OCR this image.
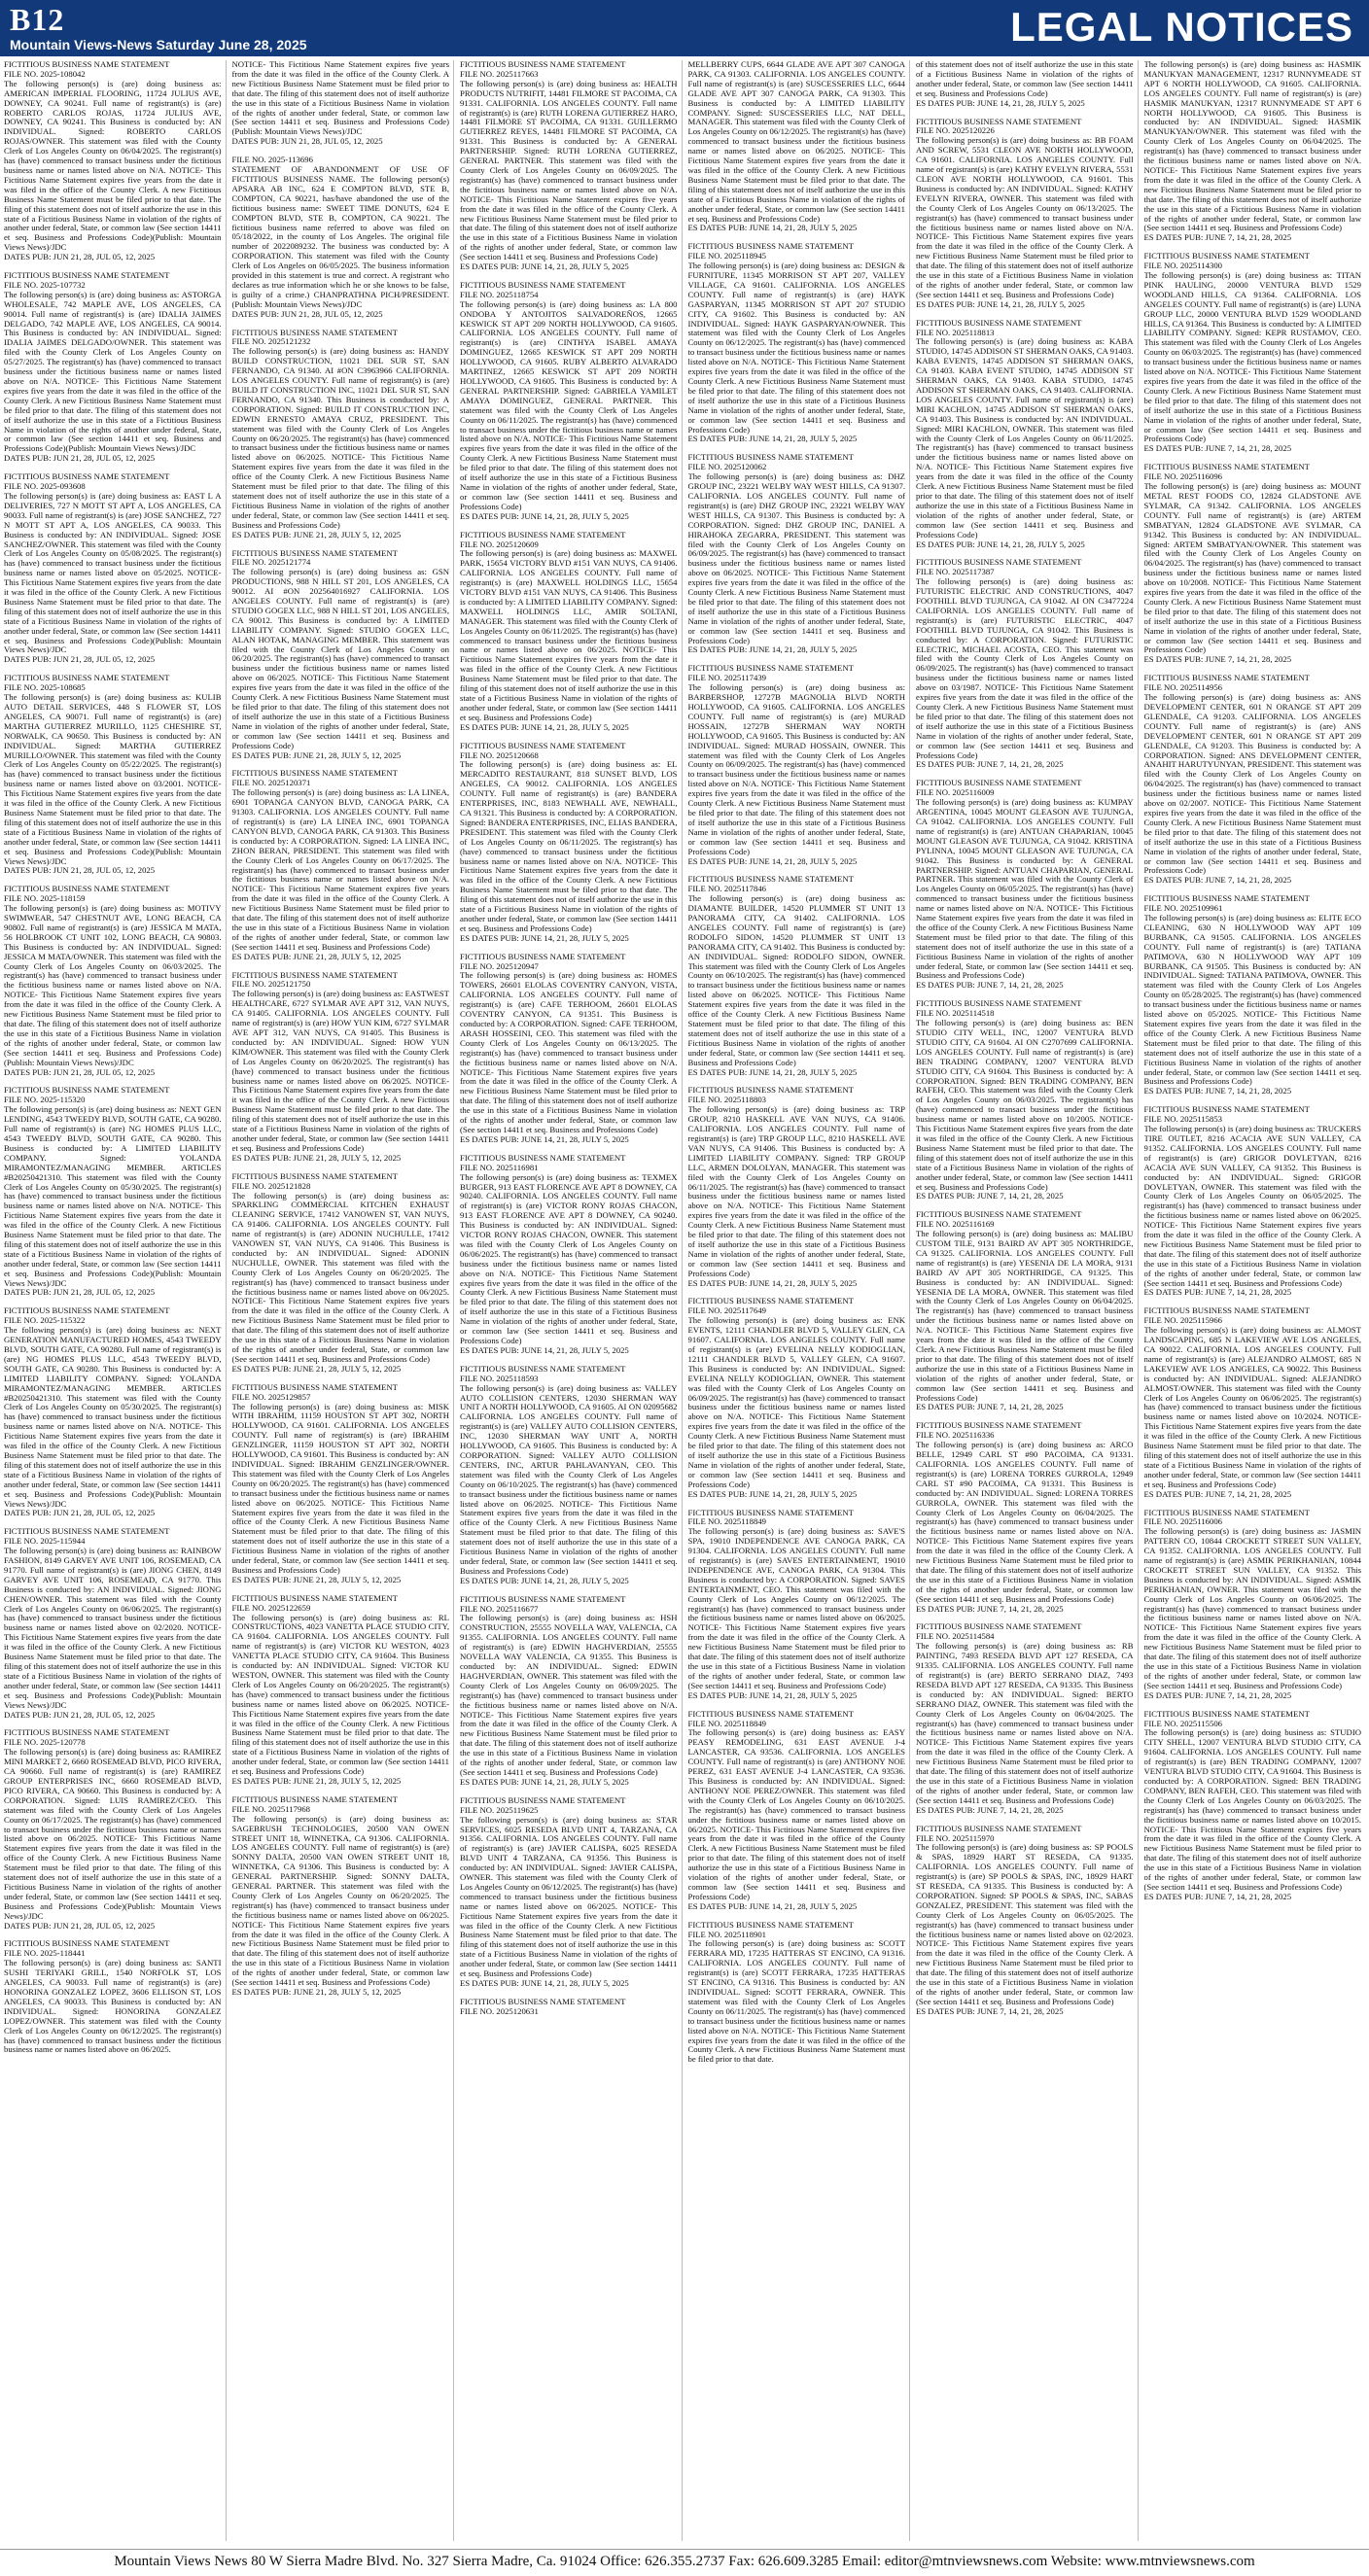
B12
Mountain Views-News Saturday June 28, 2025	LEGAL NOTICES

FICTITIOUS BUSINESS NAME STATEMENT
FILE NO. 2025-108042
The following person(s) is (are) doing business as: AMERICAN IMPERIAL FLOORING, 11724 JULIUS AVE, DOWNEY, CA 90241. Full name of registrant(s) is (are) ROBERTO CARLOS ROJAS, 11724 JULIUS AVE, DOWNEY, CA 90241. This Business is conducted by: AN INDIVIDUAL. Signed: ROBERTO CARLOS ROJAS/OWNER. This statement was filed with the County Clerk of Los Angeles County on 06/04/2025. The registrant(s) has (have) commenced to transact business under the fictitious business name or names listed above on N/A. NOTICE- This Fictitious Name Statement expires five years from the date it was filed in the office of the County Clerk. A new Fictitious Business Name Statement must be filed prior to that date. The filing of this statement does not of itself authorize the use in this state of a Fictitious Business Name in violation of the rights of another under federal, State, or common law (See section 14411 et seq. Business and Professions Code)(Publish: Mountain Views News)/JDC
DATES PUB: JUN 21, 28, JUL 05, 12, 2025

FICTITIOUS BUSINESS NAME STATEMENT
FILE NO. 2025-107732
The following person(s) is (are) doing business as: ASTORGA WHOLESALE, 742 MAPLE AVE, LOS ANGELES, CA 90014. Full name of registrant(s) is (are) IDALIA JAIMES DELGADO, 742 MAPLE AVE, LOS ANGELES, CA 90014. This Business is conducted by: AN INDIVIDUAL. Signed: IDALIA JAIMES DELGADO/OWNER. This statement was filed with the County Clerk of Los Angeles County on 05/27/2025. The registrant(s) has (have) commenced to transact business under the fictitious business name or names listed above on N/A. NOTICE- This Fictitious Name Statement expires five years from the date it was filed in the office of the County Clerk. A new Fictitious Business Name Statement must be filed prior to that date. The filing of this statement does not of itself authorize the use in this state of a Fictitious Business Name in violation of the rights of another under federal, State, or common law (See section 14411 et seq. Business and Professions Code)(Publish: Mountain Views News)/JDC
DATES PUB: JUN 21, 28, JUL 05, 12, 2025

FICTITIOUS BUSINESS NAME STATEMENT
FILE NO. 2025-093608
The following person(s) is (are) doing business as: EAST L A DELIVERIES, 727 N MOTT ST APT A, LOS ANGELES, CA 90033. Full name of registrant(s) is (are) JOSE SANCHEZ, 727 N MOTT ST APT A, LOS ANGELES, CA 90033. This Business is conducted by: AN INDIVIDUAL. Signed: JOSE SANCHEZ/OWNER. This statement was filed with the County Clerk of Los Angeles County on 05/08/2025. The registrant(s) has (have) commenced to transact business under the fictitious business name or names listed above on 05/2025. NOTICE- This Fictitious Name Statement expires five years from the date it was filed in the office of the County Clerk. A new Fictitious Business Name Statement must be filed prior to that date. The filing of this statement does not of itself authorize the use in this state of a Fictitious Business Name in violation of the rights of another under federal, State, or common law (See section 14411 et seq. Business and Professions Code)(Publish: Mountain Views News)/JDC
DATES PUB: JUN 21, 28, JUL 05, 12, 2025

FICTITIOUS BUSINESS NAME STATEMENT
FILE NO. 2025-108685
The following person(s) is (are) doing business as: KULIB AUTO DETAIL SERVICES, 448 S FLOWER ST, LOS ANGELES, CA 90071. Full name of registrant(s) is (are) MARTHA GUTIERREZ MURILLO, 1125 CHESHIRE ST, NORWALK, CA 90650. This Business is conducted by: AN INDIVIDUAL. Signed: MARTHA GUTIERREZ MURILLO/OWNER. This statement was filed with the County Clerk of Los Angeles County on 05/22/2025. The registrant(s) has (have) commenced to transact business under the fictitious business name or names listed above on 03/2001. NOTICE- This Fictitious Name Statement expires five years from the date it was filed in the office of the County Clerk. A new Fictitious Business Name Statement must be filed prior to that date. The filing of this statement does not of itself authorize the use in this state of a Fictitious Business Name in violation of the rights of another under federal, State, or common law (See section 14411 et seq. Business and Professions Code)(Publish: Mountain Views News)/JDC
DATES PUB: JUN 21, 28, JUL 05, 12, 2025

FICTITIOUS BUSINESS NAME STATEMENT
FILE NO. 2025-118159
The following person(s) is (are) doing business as: MOTIVY SWIMWEAR, 547 CHESTNUT AVE, LONG BEACH, CA 90802. Full name of registrant(s) is (are) JESSICA M MATA, 56 HOLBROOK CT UNIT 102, LONG BEACH, CA 90803. This Business is conducted by: AN INDIVIDUAL. Signed: JESSICA M MATA/OWNER. This statement was filed with the County Clerk of Los Angeles County on 06/03/2025. The registrant(s) has (have) commenced to transact business under the fictitious business name or names listed above on N/A. NOTICE- This Fictitious Name Statement expires five years from the date it was filed in the office of the County Clerk. A new Fictitious Business Name Statement must be filed prior to that date. The filing of this statement does not of itself authorize the use in this state of a Fictitious Business Name in violation of the rights of another under federal, State, or common law (See section 14411 et seq. Business and Professions Code)(Publish: Mountain Views News)/JDC
DATES PUB: JUN 21, 28, JUL 05, 12, 2025

FICTITIOUS BUSINESS NAME STATEMENT
FILE NO. 2025-115320
The following person(s) is (are) doing business as: NEXT GEN LENDING, 4543 TWEEDY BLVD, SOUTH GATE, CA 90280. Full name of registrant(s) is (are) NG HOMES PLUS LLC, 4543 TWEEDY BLVD, SOUTH GATE, CA 90280. This Business is conducted by: A LIMITED LIABILITY COMPANY. Signed: YOLANDA MIRAMONTEZ/MANAGING MEMBER. ARTICLES #B20250421310. This statement was filed with the County Clerk of Los Angeles County on 05/30/2025. The registrant(s) has (have) commenced to transact business under the fictitious business name or names listed above on N/A. NOTICE- This Fictitious Name Statement expires five years from the date it was filed in the office of the County Clerk. A new Fictitious Business Name Statement must be filed prior to that date. The filing of this statement does not of itself authorize the use in this state of a Fictitious Business Name in violation of the rights of another under federal, State, or common law (See section 14411 et seq. Business and Professions Code)(Publish: Mountain Views News)/JDC
DATES PUB: JUN 21, 28, JUL 05, 12, 2025

FICTITIOUS BUSINESS NAME STATEMENT
FILE NO. 2025-115322
The following person(s) is (are) doing business as: NEXT GENERATION MANUFACTURED HOMES, 4543 TWEEDY BLVD, SOUTH GATE, CA 90280. Full name of registrant(s) is (are) NG HOMES PLUS LLC, 4543 TWEEDY BLVD, SOUTH GATE, CA 90280. This Business is conducted by: A LIMITED LIABILITY COMPANY. Signed: YOLANDA MIRAMONTEZ/MANAGING MEMBER. ARTICLES #B20250421310. This statement was filed with the County Clerk of Los Angeles County on 05/30/2025. The registrant(s) has (have) commenced to transact business under the fictitious business name or names listed above on N/A. NOTICE- This Fictitious Name Statement expires five years from the date it was filed in the office of the County Clerk. A new Fictitious Business Name Statement must be filed prior to that date. The filing of this statement does not of itself authorize the use in this state of a Fictitious Business Name in violation of the rights of another under federal, State, or common law (See section 14411 et seq. Business and Professions Code)(Publish: Mountain Views News)/JDC
DATES PUB: JUN 21, 28, JUL 05, 12, 2025

FICTITIOUS BUSINESS NAME STATEMENT
FILE NO. 2025-115944
The following person(s) is (are) doing business as: RAINBOW FASHION, 8149 GARVEY AVE UNIT 106, ROSEMEAD, CA 91770. Full name of registrant(s) is (are) JIONG CHEN, 8149 GARVEY AVE UNIT 106, ROSEMEAD, CA 91770. This Business is conducted by: AN INDIVIDUAL. Signed: JIONG CHEN/OWNER. This statement was filed with the County Clerk of Los Angeles County on 06/06/2025. The registrant(s) has (have) commenced to transact business under the fictitious business name or names listed above on 02/2020. NOTICE- This Fictitious Name Statement expires five years from the date it was filed in the office of the County Clerk. A new Fictitious Business Name Statement must be filed prior to that date. The filing of this statement does not of itself authorize the use in this state of a Fictitious Business Name in violation of the rights of another under federal, State, or common law (See section 14411 et seq. Business and Professions Code)(Publish: Mountain Views News)/JDC
DATES PUB: JUN 21, 28, JUL 05, 12, 2025

FICTITIOUS BUSINESS NAME STATEMENT
FILE NO. 2025-120778
The following person(s) is (are) doing business as: RAMIREZ MINI MARKET 2, 6660 ROSEMEAD BLVD, PICO RIVERA, CA 90660. Full name of registrant(s) is (are) RAMIREZ GROUP ENTERPRISES INC, 6660 ROSEMEAD BLVD, PICO RIVERA, CA 90660. This Business is conducted by: A CORPORATION. Signed: LUIS RAMIREZ/CEO. This statement was filed with the County Clerk of Los Angeles County on 06/17/2025. The registrant(s) has (have) commenced to transact business under the fictitious business name or names listed above on 06/2025. NOTICE- This Fictitious Name Statement expires five years from the date it was filed in the office of the County Clerk. A new Fictitious Business Name Statement must be filed prior to that date. The filing of this statement does not of itself authorize the use in this state of a Fictitious Business Name in violation of the rights of another under federal, State, or common law (See section 14411 et seq. Business and Professions Code)(Publish: Mountain Views News)/JDC
DATES PUB: JUN 21, 28, JUL 05, 12, 2025

FICTITIOUS BUSINESS NAME STATEMENT
FILE NO. 2025-118441
The following person(s) is (are) doing business as: SANTI SUSHI TERIYAKI GRILL, 1540 NORFOLK ST, LOS ANGELES, CA 90033. Full name of registrant(s) is (are) HONORINA GONZALEZ LOPEZ, 3606 ELLISON ST, LOS ANGELES, CA 90033. This Business is conducted by: AN INDIVIDUAL. Signed: HONORINA GONZALEZ LOPEZ/OWNER. This statement was filed with the County Clerk of Los Angeles County on 06/12/2025. The registrant(s) has (have) commenced to transact business under the fictitious business name or names listed above on 06/2025.

NOTICE- This Fictitious Name Statement expires five years from the date it was filed in the office of the County Clerk. A new Fictitious Business Name Statement must be filed prior to that date. The filing of this statement does not of itself authorize the use in this state of a Fictitious Business Name in violation of the rights of another under federal, State, or common law (See section 14411 et seq. Business and Professions Code)(Publish: Mountain Views News)/JDC
DATES PUB: JUN 21, 28, JUL 05, 12, 2025

FILE NO. 2025-113696
STATEMENT OF ABANDONMENT OF USE OF FICTITIOUS BUSINESS NAME. The following person(s) APSARA AB INC, 624 E COMPTON BLVD, STE B, COMPTON, CA 90221, has/have abandoned the use of the fictitious business name: SWEET TIME DONUTS, 624 E COMPTON BLVD, STE B, COMPTON, CA 90221. The fictitious business name referred to above was filed on 05/18/2022, in the county of Los Angeles. The original file number of 2022089232. The business was conducted by: A CORPORATION. This statement was filed with the County Clerk of Los Angeles on 06/05/2025. The business information provided in this statement is true and correct. A registrant who declares as true information which he or she knows to be false, is guilty of a crime.) CHANPRATHNA PICH/PRESIDENT. (Publish: Mountain Views News)/JDC
DATES PUB: JUN 21, 28, JUL 05, 12, 2025

FICTITIOUS BUSINESS NAME STATEMENT
FILE NO. 2025121232
The following person(s) is (are) doing business as: HANDY BUILD CONSTRUCTION, 11021 DEL SUR ST, SAN FERNANDO, CA 91340. AI #ON C3963966 CALIFORNIA. LOS ANGELES COUNTY. Full name of registrant(s) is (are) BUILD IT CONSTRUCTION INC, 11021 DEL SUR ST, SAN FERNANDO, CA 91340. This Business is conducted by: A CORPORATION. Signed: BUILD IT CONSTRUCTION INC, EDWIN ERNESTO AMAYA CRUZ, PRESIDENT. This statement was filed with the County Clerk of Los Angeles County on 06/20/2025. The registrant(s) has (have) commenced to transact business under the fictitious business name or names listed above on 06/2025. NOTICE- This Fictitious Name Statement expires five years from the date it was filed in the office of the County Clerk. A new Fictitious Business Name Statement must be filed prior to that date. The filing of this statement does not of itself authorize the use in this state of a Fictitious Business Name in violation of the rights of another under federal, State, or common law (See section 14411 et seq. Business and Professions Code)
ES DATES PUB: JUNE 21, 28, JULY 5, 12, 2025

FICTITIOUS BUSINESS NAME STATEMENT
FILE NO. 2025121774
The following person(s) is (are) doing business as: GSN PRODUCTIONS, 988 N HILL ST 201, LOS ANGELES, CA 90012. AI #ON 202564016927 CALIFORNIA. LOS ANGELES COUNTY. Full name of registrant(s) is (are) STUDIO GOGEX LLC, 988 N HILL ST 201, LOS ANGELES, CA 90012. This Business is conducted by: A LIMITED LIABILITY COMPANY. Signed: STUDIO GOGEX LLC, ALAN HOTAK, MANAGING MEMBER. This statement was filed with the County Clerk of Los Angeles County on 06/20/2025. The registrant(s) has (have) commenced to transact business under the fictitious business name or names listed above on 06/2025. NOTICE- This Fictitious Name Statement expires five years from the date it was filed in the office of the County Clerk. A new Fictitious Business Name Statement must be filed prior to that date. The filing of this statement does not of itself authorize the use in this state of a Fictitious Business Name in violation of the rights of another under federal, State, or common law (See section 14411 et seq. Business and Professions Code)
ES DATES PUB: JUNE 21, 28, JULY 5, 12, 2025

FICTITIOUS BUSINESS NAME STATEMENT
FILE NO. 2025120371
The following person(s) is (are) doing business as: LA LINEA, 6901 TOPANGA CANYON BLVD, CANOGA PARK, CA 91303. CALIFORNIA. LOS ANGELES COUNTY. Full name of registrant(s) is (are) LA LINEA INC, 6901 TOPANGA CANYON BLVD, CANOGA PARK, CA 91303. This Business is conducted by: A CORPORATION. Signed: LA LINEA INC, ZHON BERAN, PRESIDENT. This statement was filed with the County Clerk of Los Angeles County on 06/17/2025. The registrant(s) has (have) commenced to transact business under the fictitious business name or names listed above on N/A. NOTICE- This Fictitious Name Statement expires five years from the date it was filed in the office of the County Clerk. A new Fictitious Business Name Statement must be filed prior to that date. The filing of this statement does not of itself authorize the use in this state of a Fictitious Business Name in violation of the rights of another under federal, State, or common law (See section 14411 et seq. Business and Professions Code)
ES DATES PUB: JUNE 21, 28, JULY 5, 12, 2025

FICTITIOUS BUSINESS NAME STATEMENT
FILE NO. 2025121750
The following person(s) is (are) doing business as: EASTWEST HEALTHCARE, 6727 SYLMAR AVE APT 312, VAN NUYS, CA 91405. CALIFORNIA. LOS ANGELES COUNTY. Full name of registrant(s) is (are) HOW YUN KIM, 6727 SYLMAR AVE APT 312, VAN NUYS, CA 91405. This Business is conducted by: AN INDIVIDUAL. Signed: HOW YUN KIM/OWNER. This statement was filed with the County Clerk of Los Angeles County on 06/20/2025. The registrant(s) has (have) commenced to transact business under the fictitious business name or names listed above on 06/2025. NOTICE- This Fictitious Name Statement expires five years from the date it was filed in the office of the County Clerk. A new Fictitious Business Name Statement must be filed prior to that date. The filing of this statement does not of itself authorize the use in this state of a Fictitious Business Name in violation of the rights of another under federal, State, or common law (See section 14411 et seq. Business and Professions Code)
ES DATES PUB: JUNE 21, 28, JULY 5, 12, 2025

FICTITIOUS BUSINESS NAME STATEMENT
FILE NO. 2025121828
The following person(s) is (are) doing business as: SPARKLING COMMERCIAL KITCHEN EXHAUST CLEANING SERVICE, 17412 VANOWEN ST, VAN NUYS, CA 91406. CALIFORNIA. LOS ANGELES COUNTY. Full name of registrant(s) is (are) ADONIN NUCHULLE, 17412 VANOWEN ST, VAN NUYS, CA 91406. This Business is conducted by: AN INDIVIDUAL. Signed: ADONIN NUCHULLE, OWNER. This statement was filed with the County Clerk of Los Angeles County on 06/20/2025. The registrant(s) has (have) commenced to transact business under the fictitious business name or names listed above on 06/2025. NOTICE- This Fictitious Name Statement expires five years from the date it was filed in the office of the County Clerk. A new Fictitious Business Name Statement must be filed prior to that date. The filing of this statement does not of itself authorize the use in this state of a Fictitious Business Name in violation of the rights of another under federal, State, or common law (See section 14411 et seq. Business and Professions Code)
ES DATES PUB: JUNE 21, 28, JULY 5, 12, 2025

FICTITIOUS BUSINESS NAME STATEMENT
FILE NO. 2025129857
The following person(s) is (are) doing business as: MISK WITH IBRAHIM, 11159 HOUSTON ST APT 302, NORTH HOLLYWOOD, CA 91601. CALIFORNIA. LOS ANGELES COUNTY. Full name of registrant(s) is (are) IBRAHIM GENZLINGER, 11159 HOUSTON ST APT 302, NORTH HOLLYWOOD, CA 91601. This Business is conducted by: AN INDIVIDUAL. Signed: IBRAHIM GENZLINGER/OWNER. This statement was filed with the County Clerk of Los Angeles County on 06/20/2025. The registrant(s) has (have) commenced to transact business under the fictitious business name or names listed above on 06/2025. NOTICE- This Fictitious Name Statement expires five years from the date it was filed in the office of the County Clerk. A new Fictitious Business Name Statement must be filed prior to that date. The filing of this statement does not of itself authorize the use in this state of a Fictitious Business Name in violation of the rights of another under federal, State, or common law (See section 14411 et seq. Business and Professions Code)
ES DATES PUB: JUNE 21, 28, JULY 5, 12, 2025

FICTITIOUS BUSINESS NAME STATEMENT
FILE NO. 2025122659
The following person(s) is (are) doing business as: RL CONSTRUCTIONS, 4023 VANETTA PLACE STUDIO CITY, CA 91604. CALIFORNIA. LOS ANGELES COUNTY. Full name of registrant(s) is (are) VICTOR KU WESTON, 4023 VANETTA PLACE STUDIO CITY, CA 91604. This Business is conducted by: AN INDIVIDUAL. Signed: VICTOR KU WESTON, OWNER. This statement was filed with the County Clerk of Los Angeles County on 06/20/2025. The registrant(s) has (have) commenced to transact business under the fictitious business name or names listed above on 06/2025. NOTICE- This Fictitious Name Statement expires five years from the date it was filed in the office of the County Clerk. A new Fictitious Business Name Statement must be filed prior to that date. The filing of this statement does not of itself authorize the use in this state of a Fictitious Business Name in violation of the rights of another under federal, State, or common law (See section 14411 et seq. Business and Professions Code)
ES DATES PUB: JUNE 21, 28, JULY 5, 12, 2025

FICTITIOUS BUSINESS NAME STATEMENT
FILE NO. 2025117968
The following person(s) is (are) doing business as: SAGEBRUSH TECHNOLOGIES, 20500 VAN OWEN STREET UNIT 18, WINNETKA, CA 91306. CALIFORNIA. LOS ANGELES COUNTY. Full name of registrant(s) is (are) SONNY DALTA, 20500 VAN OWEN STREET UNIT 18, WINNETKA, CA 91306. This Business is conducted by: A GENERAL PARTNERSHIP. Signed: SONNY DALTA, GENERAL PARTNER. This statement was filed with the County Clerk of Los Angeles County on 06/20/2025. The registrant(s) has (have) commenced to transact business under the fictitious business name or names listed above on 06/2025. NOTICE- This Fictitious Name Statement expires five years from the date it was filed in the office of the County Clerk. A new Fictitious Business Name Statement must be filed prior to that date. The filing of this statement does not of itself authorize the use in this state of a Fictitious Business Name in violation of the rights of another under federal, State, or common law (See section 14411 et seq. Business and Professions Code)
ES DATES PUB: JUNE 21, 28, JULY 5, 12, 2025

FICTITIOUS BUSINESS NAME STATEMENT
FILE NO. 2025117663
The following person(s) is (are) doing business as: HEALTH PRODUCTS NUTRIFIT, 14481 FILMORE ST PACOIMA, CA 91331. CALIFORNIA. LOS ANGELES COUNTY. Full name of registrant(s) is (are) RUTH LORENA GUTIERREZ HARO, 14481 FILMORE ST PACOIMA, CA 91331. GUILLERMO GUTIERREZ REYES, 14481 FILMORE ST PACOIMA, CA 91331. This Business is conducted by: A GENERAL PARTNERSHIP. Signed: RUTH LORENA GUTIERREZ, GENERAL PARTNER. This statement was filed with the County Clerk of Los Angeles County on 06/09/2025. The registrant(s) has (have) commenced to transact business under the fictitious business name or names listed above on N/A. NOTICE- This Fictitious Name Statement expires five years from the date it was filed in the office of the County Clerk. A new Fictitious Business Name Statement must be filed prior to that date. The filing of this statement does not of itself authorize the use in this state of a Fictitious Business Name in violation of the rights of another under federal, State, or common law (See section 14411 et seq. Business and Professions Code)
ES DATES PUB: JUNE 14, 21, 28, JULY 5, 2025

FICTITIOUS BUSINESS NAME STATEMENT
FILE NO. 2025118754
The following person(s) is (are) doing business as: LA 800 ONDOBA Y ANTOJITOS SALVADOREÑOS, 12665 KESWICK ST APT 209 NORTH HOLLYWOOD, CA 91605. CALIFORNIA. LOS ANGELES COUNTY. Full name of registrant(s) is (are) CINTHYA ISABEL AMAYA DOMINGUEZ, 12665 KESWICK ST APT 209 NORTH HOLLYWOOD, CA 91605. RUBY ALBERTO ALVARADO MARTINEZ, 12665 KESWICK ST APT 209 NORTH HOLLYWOOD, CA 91605. This Business is conducted by: A GENERAL PARTNERSHIP. Signed: GABRIELA YAMILET AMAYA DOMINGUEZ, GENERAL PARTNER. This statement was filed with the County Clerk of Los Angeles County on 06/11/2025. The registrant(s) has (have) commenced to transact business under the fictitious business name or names listed above on N/A. NOTICE- This Fictitious Name Statement expires five years from the date it was filed in the office of the County Clerk. A new Fictitious Business Name Statement must be filed prior to that date. The filing of this statement does not of itself authorize the use in this state of a Fictitious Business Name in violation of the rights of another under federal, State, or common law (See section 14411 et seq. Business and Professions Code)
ES DATES PUB: JUNE 14, 21, 28, JULY 5, 2025

FICTITIOUS BUSINESS NAME STATEMENT
FILE NO. 2025120609
The following person(s) is (are) doing business as: MAXWEL PARK, 15654 VICTORY BLVD #151 VAN NUYS, CA 91406. CALIFORNIA. LOS ANGELES COUNTY. Full name of registrant(s) is (are) MAXWELL HOLDINGS LLC, 15654 VICTORY BLVD #151 VAN NUYS, CA 91406. This Business is conducted by: A LIMITED LIABILITY COMPANY. Signed: MAXWELL HOLDINGS LLC, AMIR SOLTANI, MANAGER. This statement was filed with the County Clerk of Los Angeles County on 06/11/2025. The registrant(s) has (have) commenced to transact business under the fictitious business name or names listed above on 06/2025. NOTICE- This Fictitious Name Statement expires five years from the date it was filed in the office of the County Clerk. A new Fictitious Business Name Statement must be filed prior to that date. The filing of this statement does not of itself authorize the use in this state of a Fictitious Business Name in violation of the rights of another under federal, State, or common law (See section 14411 et seq. Business and Professions Code)
ES DATES PUB: JUNE 14, 21, 28, JULY 5, 2025

FICTITIOUS BUSINESS NAME STATEMENT
FILE NO. 2025120668
The following person(s) is (are) doing business as: EL MERCADITO RESTAURANT, 818 SUNSET BLVD, LOS ANGELES, CA 90012. CALIFORNIA. LOS ANGELES COUNTY. Full name of registrant(s) is (are) BANDERA ENTERPRISES, INC, 8183 NEWHALL AVE, NEWHALL, CA 91321. This Business is conducted by: A CORPORATION. Signed: BANDERA ENTERPRISES, INC, ELIAS BANDERA, PRESIDENT. This statement was filed with the County Clerk of Los Angeles County on 06/11/2025. The registrant(s) has (have) commenced to transact business under the fictitious business name or names listed above on N/A. NOTICE- This Fictitious Name Statement expires five years from the date it was filed in the office of the County Clerk. A new Fictitious Business Name Statement must be filed prior to that date. The filing of this statement does not of itself authorize the use in this state of a Fictitious Business Name in violation of the rights of another under federal, State, or common law (See section 14411 et seq. Business and Professions Code)
ES DATES PUB: JUNE 14, 21, 28, JULY 5, 2025

FICTITIOUS BUSINESS NAME STATEMENT
FILE NO. 2025120947
The following person(s) is (are) doing business as: HOMES TOWERS, 26601 ELOLAS COVENTRY CANYON, VISTA, CALIFORNIA. LOS ANGELES COUNTY. Full name of registrant(s) is (are) CAFE TERHOOM, 26601 ELOLAS COVENTRY CANYON, CA 91351. This Business is conducted by: A CORPORATION. Signed: CAFE TERHOOM, ARASH HOSSEINI, CEO. This statement was filed with the County Clerk of Los Angeles County on 06/13/2025. The registrant(s) has (have) commenced to transact business under the fictitious business name or names listed above on N/A. NOTICE- This Fictitious Name Statement expires five years from the date it was filed in the office of the County Clerk. A new Fictitious Business Name Statement must be filed prior to that date. The filing of this statement does not of itself authorize the use in this state of a Fictitious Business Name in violation of the rights of another under federal, State, or common law (See section 14411 et seq. Business and Professions Code)
ES DATES PUB: JUNE 14, 21, 28, JULY 5, 2025

FICTITIOUS BUSINESS NAME STATEMENT
FILE NO. 2025116981
The following person(s) is (are) doing business as: TEXMEX BURGER, 913 EAST FLORENCE AVE APT 8 DOWNEY, CA 90240. CALIFORNIA. LOS ANGELES COUNTY. Full name of registrant(s) is (are) VICTOR RONY ROJAS CHACON, 913 EAST FLORENCE AVE APT 8 DOWNEY, CA 90240. This Business is conducted by: AN INDIVIDUAL. Signed: VICTOR RONY ROJAS CHACON, OWNER. This statement was filed with the County Clerk of Los Angeles County on 06/06/2025. The registrant(s) has (have) commenced to transact business under the fictitious business name or names listed above on N/A. NOTICE- This Fictitious Name Statement expires five years from the date it was filed in the office of the County Clerk. A new Fictitious Business Name Statement must be filed prior to that date. The filing of this statement does not of itself authorize the use in this state of a Fictitious Business Name in violation of the rights of another under federal, State, or common law (See section 14411 et seq. Business and Professions Code)
ES DATES PUB: JUNE 14, 21, 28, JULY 5, 2025

FICTITIOUS BUSINESS NAME STATEMENT
FILE NO. 2025118593
The following person(s) is (are) doing business as: VALLEY AUTO COLLISION CENTERS, 12030 SHERMAN WAY UNIT A NORTH HOLLYWOOD, CA 91605. AI ON 02095682 CALIFORNIA. LOS ANGELES COUNTY. Full name of registrant(s) is (are) VALLEY AUTO COLLISION CENTERS, INC, 12030 SHERMAN WAY UNIT A, NORTH HOLLYWOOD, CA 91605. This Business is conducted by: A CORPORATION. Signed: VALLEY AUTO COLLISION CENTERS, INC, ARTUR PAHLAVANYAN, CEO. This statement was filed with the County Clerk of Los Angeles County on 06/10/2025. The registrant(s) has (have) commenced to transact business under the fictitious business name or names listed above on 06/2025. NOTICE- This Fictitious Name Statement expires five years from the date it was filed in the office of the County Clerk. A new Fictitious Business Name Statement must be filed prior to that date. The filing of this statement does not of itself authorize the use in this state of a Fictitious Business Name in violation of the rights of another under federal, State, or common law (See section 14411 et seq. Business and Professions Code)
ES DATES PUB: JUNE 14, 21, 28, JULY 5, 2025

FICTITIOUS BUSINESS NAME STATEMENT
FILE NO. 2025116677
The following person(s) is (are) doing business as: HSH CONSTRUCTION, 25555 NOVELLA WAY, VALENCIA, CA 91355. CALIFORNIA. LOS ANGELES COUNTY. Full name of registrant(s) is (are) EDWIN HAGHVERDIAN, 25555 NOVELLA WAY VALENCIA, CA 91355. This Business is conducted by: AN INDIVIDUAL. Signed: EDWIN HAGHVERDIAN, OWNER. This statement was filed with the County Clerk of Los Angeles County on 06/09/2025. The registrant(s) has (have) commenced to transact business under the fictitious business name or names listed above on N/A. NOTICE- This Fictitious Name Statement expires five years from the date it was filed in the office of the County Clerk. A new Fictitious Business Name Statement must be filed prior to that date. The filing of this statement does not of itself authorize the use in this state of a Fictitious Business Name in violation of the rights of another under federal, State, or common law (See section 14411 et seq. Business and Professions Code)
ES DATES PUB: JUNE 14, 21, 28, JULY 5, 2025

FICTITIOUS BUSINESS NAME STATEMENT
FILE NO. 2025119625
The following person(s) is (are) doing business as: STAR SERVICES, 6025 RESEDA BLVD UNIT 4, TARZANA, CA 91356. CALIFORNIA. LOS ANGELES COUNTY. Full name of registrant(s) is (are) JAVIER CALISPA, 6025 RESEDA BLVD UNIT 4 TARZANA, CA 91356. This Business is conducted by: AN INDIVIDUAL. Signed: JAVIER CALISPA, OWNER. This statement was filed with the County Clerk of Los Angeles County on 06/12/2025. The registrant(s) has (have) commenced to transact business under the fictitious business name or names listed above on 06/2025. NOTICE- This Fictitious Name Statement expires five years from the date it was filed in the office of the County Clerk. A new Fictitious Business Name Statement must be filed prior to that date. The filing of this statement does not of itself authorize the use in this state of a Fictitious Business Name in violation of the rights of another under federal, State, or common law (See section 14411 et seq. Business and Professions Code)
ES DATES PUB: JUNE 14, 21, 28, JULY 5, 2025

FICTITIOUS BUSINESS NAME STATEMENT
FILE NO. 2025120631

MELLBERRY CUPS, 6644 GLADE AVE APT 307 CANOGA PARK, CA 91303. CALIFORNIA. LOS ANGELES COUNTY. Full name of registrant(s) is (are) SUSCESSERIES LLC, 6644 GLADE AVE APT 307 CANOGA PARK, CA 91303. This Business is conducted by: A LIMITED LIABILITY COMPANY. Signed: SUSCESSERIES LLC, NAT DELL, MANAGER. This statement was filed with the County Clerk of Los Angeles County on 06/12/2025. The registrant(s) has (have) commenced to transact business under the fictitious business name or names listed above on 06/2025. NOTICE- This Fictitious Name Statement expires five years from the date it was filed in the office of the County Clerk. A new Fictitious Business Name Statement must be filed prior to that date. The filing of this statement does not of itself authorize the use in this state of a Fictitious Business Name in violation of the rights of another under federal, State, or common law (See section 14411 et seq. Business and Professions Code)
ES DATES PUB: JUNE 14, 21, 28, JULY 5, 2025

FICTITIOUS BUSINESS NAME STATEMENT
FILE NO. 2025118945
The following person(s) is (are) doing business as: DESIGN & FURNITURE, 11345 MORRISON ST APT 207, VALLEY VILLAGE, CA 91601. CALIFORNIA. LOS ANGELES COUNTY. Full name of registrant(s) is (are) HAYK GASPARYAN, 11345 MORRISON ST APT 207 STUDIO CITY, CA 91602. This Business is conducted by: AN INDIVIDUAL. Signed: HAYK GASPARYAN/OWNER. This statement was filed with the County Clerk of Los Angeles County on 06/12/2025. The registrant(s) has (have) commenced to transact business under the fictitious business name or names listed above on N/A. NOTICE- This Fictitious Name Statement expires five years from the date it was filed in the office of the County Clerk. A new Fictitious Business Name Statement must be filed prior to that date. The filing of this statement does not of itself authorize the use in this state of a Fictitious Business Name in violation of the rights of another under federal, State, or common law (See section 14411 et seq. Business and Professions Code)
ES DATES PUB: JUNE 14, 21, 28, JULY 5, 2025

FICTITIOUS BUSINESS NAME STATEMENT
FILE NO. 2025120062
The following person(s) is (are) doing business as: DHZ GROUP INC, 23221 WELBY WAY WEST HILLS, CA 91307. CALIFORNIA. LOS ANGELES COUNTY. Full name of registrant(s) is (are) DHZ GROUP INC, 23221 WELBY WAY WEST HILLS, CA 91307. This Business is conducted by: A CORPORATION. Signed: DHZ GROUP INC, DANIEL A HIRAHOKA ZEGARRA, PRESIDENT. This statement was filed with the County Clerk of Los Angeles County on 06/09/2025. The registrant(s) has (have) commenced to transact business under the fictitious business name or names listed above on 06/2025. NOTICE- This Fictitious Name Statement expires five years from the date it was filed in the office of the County Clerk. A new Fictitious Business Name Statement must be filed prior to that date. The filing of this statement does not of itself authorize the use in this state of a Fictitious Business Name in violation of the rights of another under federal, State, or common law (See section 14411 et seq. Business and Professions Code)
ES DATES PUB: JUNE 14, 21, 28, JULY 5, 2025

FICTITIOUS BUSINESS NAME STATEMENT
FILE NO. 2025117439
The following person(s) is (are) doing business as: BARBERSHOP, 12727B MAGNOLIA BLVD NORTH HOLLYWOOD, CA 91605. CALIFORNIA. LOS ANGELES COUNTY. Full name of registrant(s) is (are) MURAD HOSSAIN, 12727B SHERMAN WAY NORTH HOLLYWOOD, CA 91605. This Business is conducted by: AN INDIVIDUAL. Signed: MURAD HOSSAIN, OWNER. This statement was filed with the County Clerk of Los Angeles County on 06/09/2025. The registrant(s) has (have) commenced to transact business under the fictitious business name or names listed above on N/A. NOTICE- This Fictitious Name Statement expires five years from the date it was filed in the office of the County Clerk. A new Fictitious Business Name Statement must be filed prior to that date. The filing of this statement does not of itself authorize the use in this state of a Fictitious Business Name in violation of the rights of another under federal, State, or common law (See section 14411 et seq. Business and Professions Code)
ES DATES PUB: JUNE 14, 21, 28, JULY 5, 2025

FICTITIOUS BUSINESS NAME STATEMENT
FILE NO. 2025117846
The following person(s) is (are) doing business as: DIAMANTE BUILDER, 14520 PLUMMER ST UNIT 13 PANORAMA CITY, CA 91402. CALIFORNIA. LOS ANGELES COUNTY. Full name of registrant(s) is (are) RODOLFO SIDON, 14520 PLUMMER ST UNIT 13 PANORAMA CITY, CA 91402. This Business is conducted by: AN INDIVIDUAL. Signed: RODOLFO SIDON, OWNER. This statement was filed with the County Clerk of Los Angeles County on 06/10/2025. The registrant(s) has (have) commenced to transact business under the fictitious business name or names listed above on 06/2025. NOTICE- This Fictitious Name Statement expires five years from the date it was filed in the office of the County Clerk. A new Fictitious Business Name Statement must be filed prior to that date. The filing of this statement does not of itself authorize the use in this state of a Fictitious Business Name in violation of the rights of another under federal, State, or common law (See section 14411 et seq. Business and Professions Code)
ES DATES PUB: JUNE 14, 21, 28, JULY 5, 2025

FICTITIOUS BUSINESS NAME STATEMENT
FILE NO. 2025118803
The following person(s) is (are) doing business as: TRP GROUP, 8210 HASKELL AVE VAN NUYS, CA 91406. CALIFORNIA. LOS ANGELES COUNTY. Full name of registrant(s) is (are) TRP GROUP LLC, 8210 HASKELL AVE VAN NUYS, CA 91406. This Business is conducted by: A LIMITED LIABILITY COMPANY. Signed: TRP GROUP LLC, ARMEN DOLOLYAN, MANAGER. This statement was filed with the County Clerk of Los Angeles County on 06/11/2025. The registrant(s) has (have) commenced to transact business under the fictitious business name or names listed above on N/A. NOTICE- This Fictitious Name Statement expires five years from the date it was filed in the office of the County Clerk. A new Fictitious Business Name Statement must be filed prior to that date. The filing of this statement does not of itself authorize the use in this state of a Fictitious Business Name in violation of the rights of another under federal, State, or common law (See section 14411 et seq. Business and Professions Code)
ES DATES PUB: JUNE 14, 21, 28, JULY 5, 2025

FICTITIOUS BUSINESS NAME STATEMENT
FILE NO. 2025117649
The following person(s) is (are) doing business as: ENK EVENTS, 12111 CHANDLER BLVD 5, VALLEY GLEN, CA 91607. CALIFORNIA. LOS ANGELES COUNTY. Full name of registrant(s) is (are) EVELINA NELLY KODIOGLIAN, 12111 CHANDLER BLVD 5, VALLEY GLEN, CA 91607. This Business is conducted by: AN INDIVIDUAL. Signed: EVELINA NELLY KODIOGLIAN, OWNER. This statement was filed with the County Clerk of Los Angeles County on 06/09/2025. The registrant(s) has (have) commenced to transact business under the fictitious business name or names listed above on N/A. NOTICE- This Fictitious Name Statement expires five years from the date it was filed in the office of the County Clerk. A new Fictitious Business Name Statement must be filed prior to that date. The filing of this statement does not of itself authorize the use in this state of a Fictitious Business Name in violation of the rights of another under federal, State, or common law (See section 14411 et seq. Business and Professions Code)
ES DATES PUB: JUNE 14, 21, 28, JULY 5, 2025

FICTITIOUS BUSINESS NAME STATEMENT
FILE NO. 2025118849
The following person(s) is (are) doing business as: SAVE'S SPA, 19010 INDEPENDENCE AVE CANOGA PARK, CA 91304. CALIFORNIA. LOS ANGELES COUNTY. Full name of registrant(s) is (are) SAVES ENTERTAINMENT, 19010 INDEPENDENCE AVE, CANOGA PARK, CA 91304. This Business is conducted by: A CORPORATION. Signed: SAVES ENTERTAINMENT, CEO. This statement was filed with the County Clerk of Los Angeles County on 06/12/2025. The registrant(s) has (have) commenced to transact business under the fictitious business name or names listed above on 06/2025. NOTICE- This Fictitious Name Statement expires five years from the date it was filed in the office of the County Clerk. A new Fictitious Business Name Statement must be filed prior to that date. The filing of this statement does not of itself authorize the use in this state of a Fictitious Business Name in violation of the rights of another under federal, State, or common law (See section 14411 et seq. Business and Professions Code)
ES DATES PUB: JUNE 14, 21, 28, JULY 5, 2025

FICTITIOUS BUSINESS NAME STATEMENT
FILE NO. 2025118849
The following person(s) is (are) doing business as: EASY PEASY REMODELING, 631 EAST AVENUE J-4 LANCASTER, CA 93536. CALIFORNIA. LOS ANGELES COUNTY. Full name of registrant(s) is (are) ANTHONY NOE PEREZ, 631 EAST AVENUE J-4 LANCASTER, CA 93536. This Business is conducted by: AN INDIVIDUAL. Signed: ANTHONY NOE PEREZ/OWNER. This statement was filed with the County Clerk of Los Angeles County on 06/10/2025. The registrant(s) has (have) commenced to transact business under the fictitious business name or names listed above on 06/2025. NOTICE- This Fictitious Name Statement expires five years from the date it was filed in the office of the County Clerk. A new Fictitious Business Name Statement must be filed prior to that date. The filing of this statement does not of itself authorize the use in this state of a Fictitious Business Name in violation of the rights of another under federal, State, or common law (See section 14411 et seq. Business and Professions Code)
ES DATES PUB: JUNE 14, 21, 28, JULY 5, 2025

FICTITIOUS BUSINESS NAME STATEMENT
FILE NO. 2025118901
The following person(s) is (are) doing business as: SCOTT FERRARA MD, 17235 HATTERAS ST ENCINO, CA 91316. CALIFORNIA. LOS ANGELES COUNTY. Full name of registrant(s) is (are) SCOTT FERRARA, 17235 HATTERAS ST ENCINO, CA 91316. This Business is conducted by: AN INDIVIDUAL. Signed: SCOTT FERRARA, OWNER. This statement was filed with the County Clerk of Los Angeles County on 06/11/2025. The registrant(s) has (have) commenced to transact business under the fictitious business name or names listed above on N/A. NOTICE- This Fictitious Name Statement expires five years from the date it was filed in the office of the County Clerk. A new Fictitious Business Name Statement must be filed prior to that date.

of this statement does not of itself authorize the use in this state of a Fictitious Business Name in violation of the rights of another under federal, State, or common law (See section 14411 et seq. Business and Professions Code)
ES DATES PUB: JUNE 14, 21, 28, JULY 5, 2025

FICTITIOUS BUSINESS NAME STATEMENT
FILE NO. 2025120226
The following person(s) is (are) doing business as: BB FOAM AND SCREW, 5531 CLEON AVE NORTH HOLLYWOOD, CA 91601. CALIFORNIA. LOS ANGELES COUNTY. Full name of registrant(s) is (are) KATHY EVELYN RIVERA, 5531 CLEON AVE NORTH HOLLYWOOD, CA 91601. This Business is conducted by: AN INDIVIDUAL. Signed: KATHY EVELYN RIVERA, OWNER. This statement was filed with the County Clerk of Los Angeles County on 06/13/2025. The registrant(s) has (have) commenced to transact business under the fictitious business name or names listed above on N/A. NOTICE- This Fictitious Name Statement expires five years from the date it was filed in the office of the County Clerk. A new Fictitious Business Name Statement must be filed prior to that date. The filing of this statement does not of itself authorize the use in this state of a Fictitious Business Name in violation of the rights of another under federal, State, or common law (See section 14411 et seq. Business and Professions Code)
ES DATES PUB: JUNE 14, 21, 28, JULY 5, 2025

FICTITIOUS BUSINESS NAME STATEMENT
FILE NO. 2025118813
The following person(s) is (are) doing business as: KABA STUDIO, 14745 ADDISON ST SHERMAN OAKS, CA 91403. KABA EVENTS, 14745 ADDISON ST SHERMAN OAKS, CA 91403. KABA EVENT STUDIO, 14745 ADDISON ST SHERMAN OAKS, CA 91403. KABA STUDIO, 14745 ADDISON ST SHERMAN OAKS, CA 91403. CALIFORNIA. LOS ANGELES COUNTY. Full name of registrant(s) is (are) MIRI KACHLON, 14745 ADDISON ST SHERMAN OAKS, CA 91403. This Business is conducted by: AN INDIVIDUAL. Signed: MIRI KACHLON, OWNER. This statement was filed with the County Clerk of Los Angeles County on 06/11/2025. The registrant(s) has (have) commenced to transact business under the fictitious business name or names listed above on N/A. NOTICE- This Fictitious Name Statement expires five years from the date it was filed in the office of the County Clerk. A new Fictitious Business Name Statement must be filed prior to that date. The filing of this statement does not of itself authorize the use in this state of a Fictitious Business Name in violation of the rights of another under federal, State, or common law (See section 14411 et seq. Business and Professions Code)
ES DATES PUB: JUNE 14, 21, 28, JULY 5, 2025

FICTITIOUS BUSINESS NAME STATEMENT
FILE NO. 2025117387
The following person(s) is (are) doing business as: FUTURISTIC ELECTRIC AND CONSTRUCTIONS, 4047 FOOTHILL BLVD TUJUNGA, CA 91042. AI ON C3477224 CALIFORNIA. LOS ANGELES COUNTY. Full name of registrant(s) is (are) FUTURISTIC ELECTRIC, 4047 FOOTHILL BLVD TUJUNGA, CA 91042. This Business is conducted by: A CORPORATION. Signed: FUTURISTIC ELECTRIC, MICHAEL ACOSTA, CEO. This statement was filed with the County Clerk of Los Angeles County on 06/09/2025. The registrant(s) has (have) commenced to transact business under the fictitious business name or names listed above on 03/1987. NOTICE- This Fictitious Name Statement expires five years from the date it was filed in the office of the County Clerk. A new Fictitious Business Name Statement must be filed prior to that date. The filing of this statement does not of itself authorize the use in this state of a Fictitious Business Name in violation of the rights of another under federal, State, or common law (See section 14411 et seq. Business and Professions Code)
ES DATES PUB: JUNE 7, 14, 21, 28, 2025

FICTITIOUS BUSINESS NAME STATEMENT
FILE NO. 2025116009
The following person(s) is (are) doing business as: KUMPAY ARGENTINA, 10045 MOUNT GLEASON AVE TUJUNGA, CA 91042. CALIFORNIA. LOS ANGELES COUNTY. Full name of registrant(s) is (are) ANTUAN CHAPARIAN, 10045 MOUNT GLEASON AVE TUJUNGA, CA 91042. KRISTINA PYLINNA, 10045 MOUNT GLEASON AVE TUJUNGA, CA 91042. This Business is conducted by: A GENERAL PARTNERSHIP. Signed: ANTUAN CHAPARIAN, GENERAL PARTNER. This statement was filed with the County Clerk of Los Angeles County on 06/05/2025. The registrant(s) has (have) commenced to transact business under the fictitious business name or names listed above on N/A. NOTICE- This Fictitious Name Statement expires five years from the date it was filed in the office of the County Clerk. A new Fictitious Business Name Statement must be filed prior to that date. The filing of this statement does not of itself authorize the use in this state of a Fictitious Business Name in violation of the rights of another under federal, State, or common law (See section 14411 et seq. Business and Professions Code)
ES DATES PUB: JUNE 7, 14, 21, 28, 2025

FICTITIOUS BUSINESS NAME STATEMENT
FILE NO. 2025114518
The following person(s) is (are) doing business as: BEN STUDIO CITY WELL, INC, 12007 VENTURA BLVD STUDIO CITY, CA 91604. AI ON C2707699 CALIFORNIA. LOS ANGELES COUNTY. Full name of registrant(s) is (are) BEN TRADING COMPANY, 12007 VENTURA BLVD STUDIO CITY, CA 91604. This Business is conducted by: A CORPORATION. Signed: BEN TRADING COMPANY, BEN RAFEH, CEO. This statement was filed with the County Clerk of Los Angeles County on 06/03/2025. The registrant(s) has (have) commenced to transact business under the fictitious business name or names listed above on 10/2005. NOTICE- This Fictitious Name Statement expires five years from the date it was filed in the office of the County Clerk. A new Fictitious Business Name Statement must be filed prior to that date. The filing of this statement does not of itself authorize the use in this state of a Fictitious Business Name in violation of the rights of another under federal, State, or common law (See section 14411 et seq. Business and Professions Code)
ES DATES PUB: JUNE 7, 14, 21, 28, 2025

FICTITIOUS BUSINESS NAME STATEMENT
FILE NO. 2025116169
The following person(s) is (are) doing business as: MALIBU CUSTOM TILE, 9131 BAIRD AV APT 305 NORTHRIDGE, CA 91325. CALIFORNIA. LOS ANGELES COUNTY. Full name of registrant(s) is (are) YESENIA DE LA MORA, 9131 BAIRD AV APT 305 NORTHRIDGE, CA 91325. This Business is conducted by: AN INDIVIDUAL. Signed: YESENIA DE LA MORA, OWNER. This statement was filed with the County Clerk of Los Angeles County on 06/04/2025. The registrant(s) has (have) commenced to transact business under the fictitious business name or names listed above on N/A. NOTICE- This Fictitious Name Statement expires five years from the date it was filed in the office of the County Clerk. A new Fictitious Business Name Statement must be filed prior to that date. The filing of this statement does not of itself authorize the use in this state of a Fictitious Business Name in violation of the rights of another under federal, State, or common law (See section 14411 et seq. Business and Professions Code)
ES DATES PUB: JUNE 7, 14, 21, 28, 2025

FICTITIOUS BUSINESS NAME STATEMENT
FILE NO. 2025116336
The following person(s) is (are) doing business as: ARCO BELLE, 12949 CARL ST #90 PACOIMA, CA 91331. CALIFORNIA. LOS ANGELES COUNTY. Full name of registrant(s) is (are) LORENA TORRES GURROLA, 12949 CARL ST #90 PACOIMA, CA 91331. This Business is conducted by: AN INDIVIDUAL. Signed: LORENA TORRES GURROLA, OWNER. This statement was filed with the County Clerk of Los Angeles County on 06/04/2025. The registrant(s) has (have) commenced to transact business under the fictitious business name or names listed above on N/A. NOTICE- This Fictitious Name Statement expires five years from the date it was filed in the office of the County Clerk. A new Fictitious Business Name Statement must be filed prior to that date. The filing of this statement does not of itself authorize the use in this state of a Fictitious Business Name in violation of the rights of another under federal, State, or common law (See section 14411 et seq. Business and Professions Code)
ES DATES PUB: JUNE 7, 14, 21, 28, 2025

FICTITIOUS BUSINESS NAME STATEMENT
FILE NO. 2025114584
The following person(s) is (are) doing business as: RB PAINTING, 7493 RESEDA BLVD APT 127 RESEDA, CA 91335. CALIFORNIA. LOS ANGELES COUNTY. Full name of registrant(s) is (are) BERTO SERRANO DIAZ, 7493 RESEDA BLVD APT 127 RESEDA, CA 91335. This Business is conducted by: AN INDIVIDUAL. Signed: BERTO SERRANO DIAZ, OWNER. This statement was filed with the County Clerk of Los Angeles County on 06/04/2025. The registrant(s) has (have) commenced to transact business under the fictitious business name or names listed above on N/A. NOTICE- This Fictitious Name Statement expires five years from the date it was filed in the office of the County Clerk. A new Fictitious Business Name Statement must be filed prior to that date. The filing of this statement does not of itself authorize the use in this state of a Fictitious Business Name in violation of the rights of another under federal, State, or common law (See section 14411 et seq. Business and Professions Code)
ES DATES PUB: JUNE 7, 14, 21, 28, 2025

FICTITIOUS BUSINESS NAME STATEMENT
FILE NO. 2025115970
The following person(s) is (are) doing business as: SP POOLS & SPAS, 18929 HART ST RESEDA, CA 91335. CALIFORNIA. LOS ANGELES COUNTY. Full name of registrant(s) is (are) SP POOLS & SPAS, INC, 18929 HART ST RESEDA, CA 91335. This Business is conducted by: A CORPORATION. Signed: SP POOLS & SPAS, INC, SABAS GONZALEZ, PRESIDENT. This statement was filed with the County Clerk of Los Angeles County on 06/05/2025. The registrant(s) has (have) commenced to transact business under the fictitious business name or names listed above on 02/2023. NOTICE- This Fictitious Name Statement expires five years from the date it was filed in the office of the County Clerk. A new Fictitious Business Name Statement must be filed prior to that date. The filing of this statement does not of itself authorize the use in this state of a Fictitious Business Name in violation of the rights of another under federal, State, or common law (See section 14411 et seq. Business and Professions Code)
ES DATES PUB: JUNE 7, 14, 21, 28, 2025

The following person(s) is (are) doing business as: HASMIK MANUKYAN MANAGEMENT, 12317 RUNNYMEADE ST APT 6 NORTH HOLLYWOOD, CA 91605. CALIFORNIA. LOS ANGELES COUNTY. Full name of registrant(s) is (are) HASMIK MANUKYAN, 12317 RUNNYMEADE ST APT 6 NORTH HOLLYWOOD, CA 91605. This Business is conducted by: AN INDIVIDUAL. Signed: HASMIK MANUKYAN/OWNER. This statement was filed with the County Clerk of Los Angeles County on 06/04/2025. The registrant(s) has (have) commenced to transact business under the fictitious business name or names listed above on N/A. NOTICE- This Fictitious Name Statement expires five years from the date it was filed in the office of the County Clerk. A new Fictitious Business Name Statement must be filed prior to that date. The filing of this statement does not of itself authorize the use in this state of a Fictitious Business Name in violation of the rights of another under federal, State, or common law (See section 14411 et seq. Business and Professions Code)
ES DATES PUB: JUNE 7, 14, 21, 28, 2025

FICTITIOUS BUSINESS NAME STATEMENT
FILE NO. 2025114300
The following person(s) is (are) doing business as: TITAN PINK HAULING, 20000 VENTURA BLVD 1529 WOODLAND HILLS, CA 91364. CALIFORNIA. LOS ANGELES COUNTY. Full name of registrant(s) is (are) LUNA GROUP LLC, 20000 VENTURA BLVD 1529 WOODLAND HILLS, CA 91364. This Business is conducted by: A LIMITED LIABILITY COMPANY. Signed: KEPR RUSTAMOV, CEO. This statement was filed with the County Clerk of Los Angeles County on 06/03/2025. The registrant(s) has (have) commenced to transact business under the fictitious business name or names listed above on N/A. NOTICE- This Fictitious Name Statement expires five years from the date it was filed in the office of the County Clerk. A new Fictitious Business Name Statement must be filed prior to that date. The filing of this statement does not of itself authorize the use in this state of a Fictitious Business Name in violation of the rights of another under federal, State, or common law (See section 14411 et seq. Business and Professions Code)
ES DATES PUB: JUNE 7, 14, 21, 28, 2025

FICTITIOUS BUSINESS NAME STATEMENT
FILE NO. 2025116096
The following person(s) is (are) doing business as: MOUNT METAL REST FOODS CO, 12824 GLADSTONE AVE SYLMAR, CA 91342. CALIFORNIA. LOS ANGELES COUNTY. Full name of registrant(s) is (are) ARTEM SMBATYAN, 12824 GLADSTONE AVE SYLMAR, CA 91342. This Business is conducted by: AN INDIVIDUAL. Signed: ARTEM SMBATYAN/OWNER. This statement was filed with the County Clerk of Los Angeles County on 06/04/2025. The registrant(s) has (have) commenced to transact business under the fictitious business name or names listed above on 10/2008. NOTICE- This Fictitious Name Statement expires five years from the date it was filed in the office of the County Clerk. A new Fictitious Business Name Statement must be filed prior to that date. The filing of this statement does not of itself authorize the use in this state of a Fictitious Business Name in violation of the rights of another under federal, State, or common law (See section 14411 et seq. Business and Professions Code)
ES DATES PUB: JUNE 7, 14, 21, 28, 2025

FICTITIOUS BUSINESS NAME STATEMENT
FILE NO. 2025114956
The following person(s) is (are) doing business as: ANS DEVELOPMENT CENTER, 601 N ORANGE ST APT 209 GLENDALE, CA 91203. CALIFORNIA. LOS ANGELES COUNTY. Full name of registrant(s) is (are) ANS DEVELOPMENT CENTER, 601 N ORANGE ST APT 209 GLENDALE, CA 91203. This Business is conducted by: A CORPORATION. Signed: ANS DEVELOPMENT CENTER, ANAHIT HARUTYUNYAN, PRESIDENT. This statement was filed with the County Clerk of Los Angeles County on 06/04/2025. The registrant(s) has (have) commenced to transact business under the fictitious business name or names listed above on 02/2007. NOTICE- This Fictitious Name Statement expires five years from the date it was filed in the office of the County Clerk. A new Fictitious Business Name Statement must be filed prior to that date. The filing of this statement does not of itself authorize the use in this state of a Fictitious Business Name in violation of the rights of another under federal, State, or common law (See section 14411 et seq. Business and Professions Code)
ES DATES PUB: JUNE 7, 14, 21, 28, 2025

FICTITIOUS BUSINESS NAME STATEMENT
FILE NO. 2025109961
The following person(s) is (are) doing business as: ELITE ECO CLEANING, 630 N HOLLYWOOD WAY APT 109 BURBANK, CA 91505. CALIFORNIA. LOS ANGELES COUNTY. Full name of registrant(s) is (are) TATIANA PATIMOVA, 630 N HOLLYWOOD WAY APT 109 BURBANK, CA 91505. This Business is conducted by: AN INDIVIDUAL. Signed: TATIANA PATIMOVA, OWNER. This statement was filed with the County Clerk of Los Angeles County on 05/28/2025. The registrant(s) has (have) commenced to transact business under the fictitious business name or names listed above on 05/2025. NOTICE- This Fictitious Name Statement expires five years from the date it was filed in the office of the County Clerk. A new Fictitious Business Name Statement must be filed prior to that date. The filing of this statement does not of itself authorize the use in this state of a Fictitious Business Name in violation of the rights of another under federal, State, or common law (See section 14411 et seq. Business and Professions Code)
ES DATES PUB: JUNE 7, 14, 21, 28, 2025

FICTITIOUS BUSINESS NAME STATEMENT
FILE NO. 2025115853
The following person(s) is (are) doing business as: TRUCKERS TIRE OUTLET, 8216 ACACIA AVE SUN VALLEY, CA 91352. CALIFORNIA. LOS ANGELES COUNTY. Full name of registrant(s) is (are) GRIGOR DOVLETYAN, 8216 ACACIA AVE SUN VALLEY, CA 91352. This Business is conducted by: AN INDIVIDUAL. Signed: GRIGOR DOVLETYAN, OWNER. This statement was filed with the County Clerk of Los Angeles County on 06/05/2025. The registrant(s) has (have) commenced to transact business under the fictitious business name or names listed above on 06/2025. NOTICE- This Fictitious Name Statement expires five years from the date it was filed in the office of the County Clerk. A new Fictitious Business Name Statement must be filed prior to that date. The filing of this statement does not of itself authorize the use in this state of a Fictitious Business Name in violation of the rights of another under federal, State, or common law (See section 14411 et seq. Business and Professions Code)
ES DATES PUB: JUNE 7, 14, 21, 28, 2025

FICTITIOUS BUSINESS NAME STATEMENT
FILE NO. 2025115966
The following person(s) is (are) doing business as: ALMOST LANDSCAPING, 685 N LAKEVIEW AVE LOS ANGELES, CA 90022. CALIFORNIA. LOS ANGELES COUNTY. Full name of registrant(s) is (are) ALEJANDRO ALMOST, 685 N LAKEVIEW AVE LOS ANGELES, CA 90022. This Business is conducted by: AN INDIVIDUAL. Signed: ALEJANDRO ALMOST/OWNER. This statement was filed with the County Clerk of Los Angeles County on 06/06/2025. The registrant(s) has (have) commenced to transact business under the fictitious business name or names listed above on 10/2024. NOTICE- This Fictitious Name Statement expires five years from the date it was filed in the office of the County Clerk. A new Fictitious Business Name Statement must be filed prior to that date. The filing of this statement does not of itself authorize the use in this state of a Fictitious Business Name in violation of the rights of another under federal, State, or common law (See section 14411 et seq. Business and Professions Code)
ES DATES PUB: JUNE 7, 14, 21, 28, 2025

FICTITIOUS BUSINESS NAME STATEMENT
FILE NO. 2025116006
The following person(s) is (are) doing business as: JASMIN PATTERN CO, 10844 CROCKETT STREET SUN VALLEY, CA 91352. CALIFORNIA. LOS ANGELES COUNTY. Full name of registrant(s) is (are) ASMIK PERIKHANIAN, 10844 CROCKETT STREET SUN VALLEY, CA 91352. This Business is conducted by: AN INDIVIDUAL. Signed: ASMIK PERIKHANIAN, OWNER. This statement was filed with the County Clerk of Los Angeles County on 06/06/2025. The registrant(s) has (have) commenced to transact business under the fictitious business name or names listed above on N/A. NOTICE- This Fictitious Name Statement expires five years from the date it was filed in the office of the County Clerk. A new Fictitious Business Name Statement must be filed prior to that date. The filing of this statement does not of itself authorize the use in this state of a Fictitious Business Name in violation of the rights of another under federal, State, or common law (See section 14411 et seq. Business and Professions Code)
ES DATES PUB: JUNE 7, 14, 21, 28, 2025

FICTITIOUS BUSINESS NAME STATEMENT
FILE NO. 2025115506
The following person(s) is (are) doing business as: STUDIO CITY SHELL, 12007 VENTURA BLVD STUDIO CITY, CA 91604. CALIFORNIA. LOS ANGELES COUNTY. Full name of registrant(s) is (are) BEN TRADING COMPANY, 12007 VENTURA BLVD STUDIO CITY, CA 91604. This Business is conducted by: A CORPORATION. Signed: BEN TRADING COMPANY, BEN RAFEH, CEO. This statement was filed with the County Clerk of Los Angeles County on 06/03/2025. The registrant(s) has (have) commenced to transact business under the fictitious business name or names listed above on 10/2015. NOTICE- This Fictitious Name Statement expires five years from the date it was filed in the office of the County Clerk. A new Fictitious Business Name Statement must be filed prior to that date. The filing of this statement does not of itself authorize the use in this state of a Fictitious Business Name in violation of the rights of another under federal, State, or common law (See section 14411 et seq. Business and Professions Code)
ES DATES PUB: JUNE 7, 14, 21, 28, 2025

Mountain Views News 80 W Sierra Madre Blvd. No. 327 Sierra Madre, Ca. 91024 Office: 626.355.2737 Fax: 626.609.3285 Email: editor@mtnviewsnews.com Website: www.mtnviewsnews.com
